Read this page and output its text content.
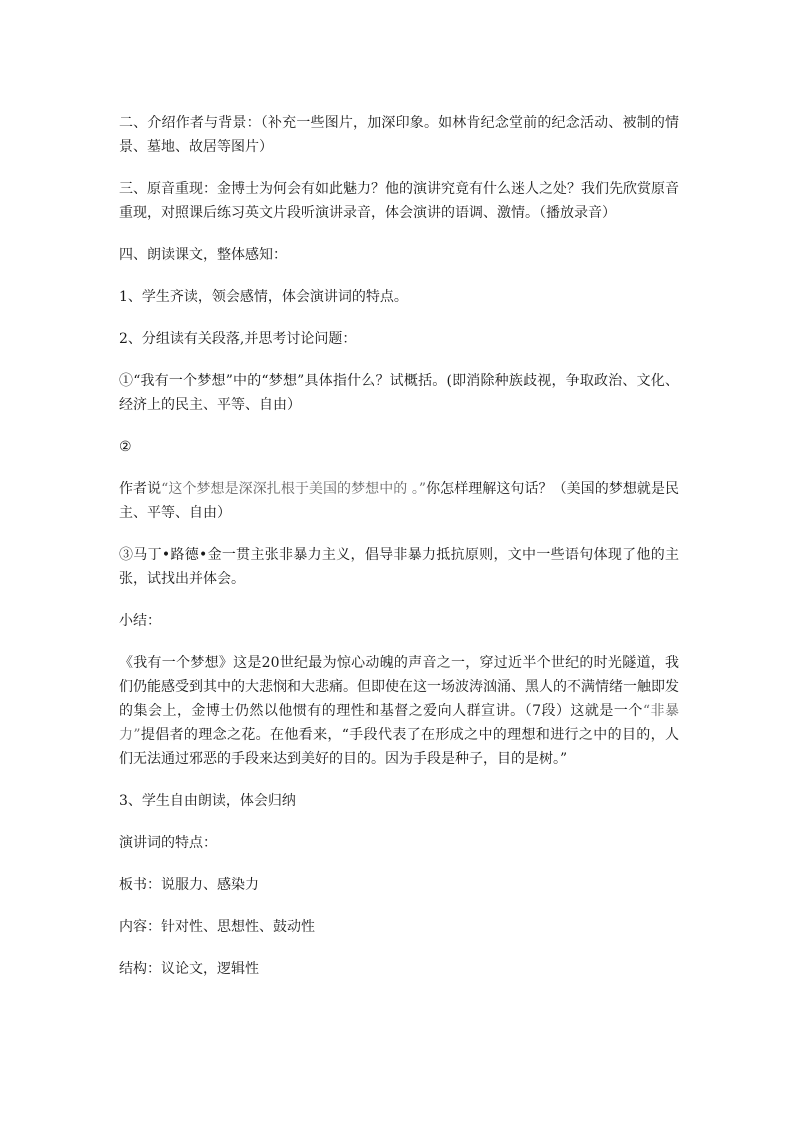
二、介绍作者与背景：（补充一些图片，加深印象。如林肯纪念堂前的纪念活动、被制的情景、墓地、故居等图片）

三、原音重现：金博士为何会有如此魅力？他的演讲究竟有什么迷人之处？我们先欣赏原音重现，对照课后练习英文片段听演讲录音，体会演讲的语调、激情。（播放录音）

四、朗读课文，整体感知：

1、学生齐读，领会感情，体会演讲词的特点。

2、分组读有关段落,并思考讨论问题：

①“我有一个梦想”中的“梦想”具体指什么？试概括。(即消除种族歧视，争取政治、文化、经济上的民主、平等、自由）

②

作者说“这个梦想是深深扎根于美国的梦想中的 。”你怎样理解这句话？（美国的梦想就是民主、平等、自由）

③马丁•路德•金一贯主张非暴力主义，倡导非暴力抵抗原则，文中一些语句体现了他的主张，试找出并体会。

小结：

《我有一个梦想》这是20世纪最为惊心动魄的声音之一，穿过近半个世纪的时光隧道，我们仍能感受到其中的大悲悯和大悲痛。但即使在这一场波涛汹涌、黑人的不满情绪一触即发的集会上，金博士仍然以他惯有的理性和基督之爱向人群宣讲。（7段）这就是一个“非暴力”提倡者的理念之花。在他看来，“手段代表了在形成之中的理想和进行之中的目的，人们无法通过邪恶的手段来达到美好的目的。因为手段是种子，目的是树。”

3、学生自由朗读，体会归纳

演讲词的特点：

板书：说服力、感染力

内容：针对性、思想性、鼓动性

结构：议论文，逻辑性
